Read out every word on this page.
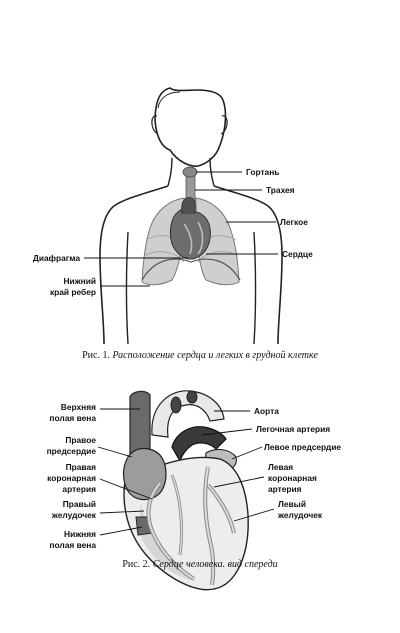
Гортань
Трахея
Легкое
Сердце
Диафрагма
Нижний
край ребер
Рис. 1. Расположение сердца и легких в грудной клетке
Верхняя
полая вена
Правое
предсердие
Правая
коронарная
артерия
Правый
желудочек
Нижняя
полая вена
Аорта
Легочная артерия
Левое предсердие
Левая
коронарная
артерия
Левый
желудочек
Рис. 2. Сердце человека. вид спереди
